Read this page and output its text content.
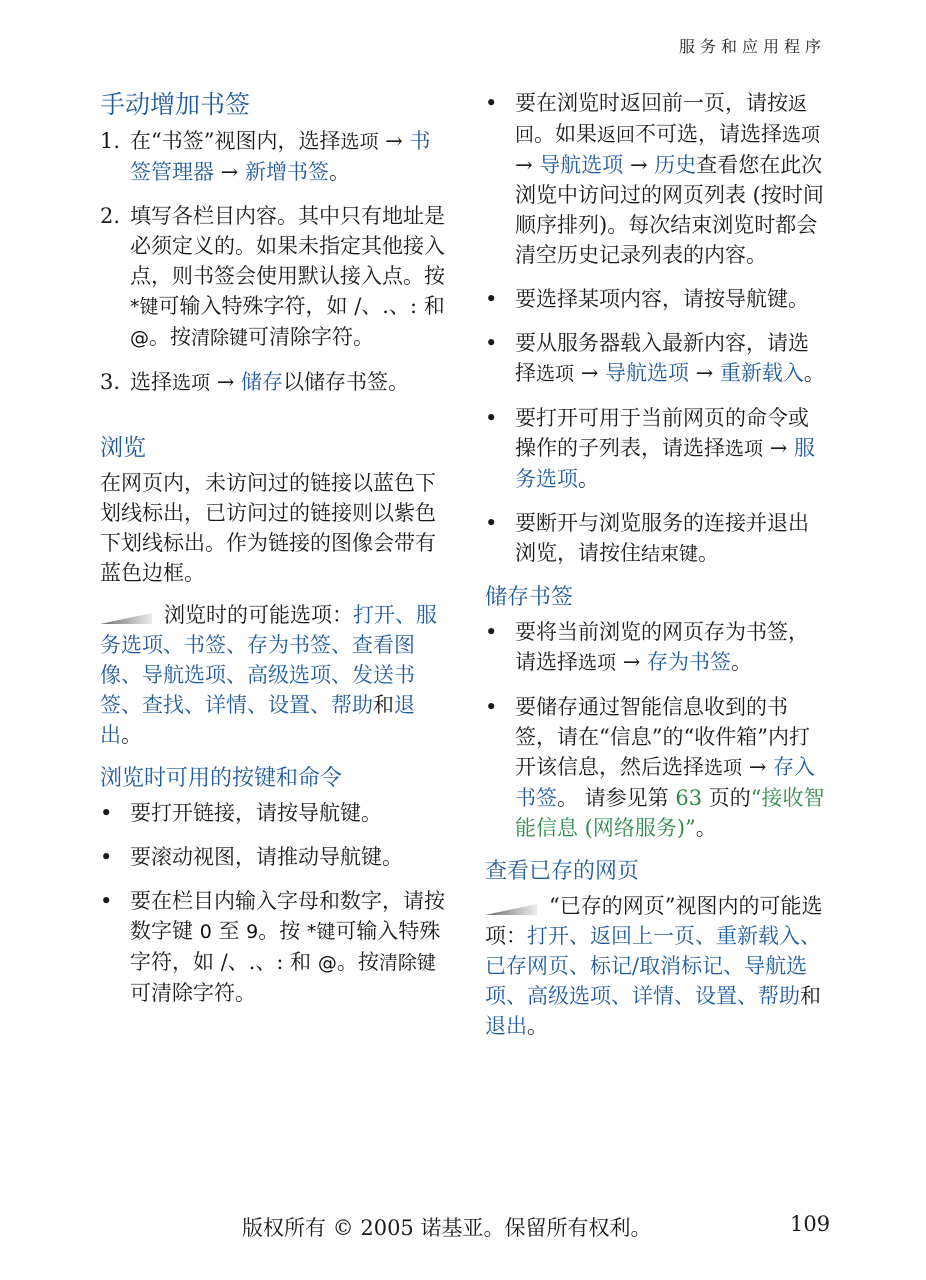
服务和应用程序
手动增加书签
1. 在“书签”视图内，选择选项 → 书签管理器 → 新增书签。
2. 填写各栏目内容。其中只有地址是必须定义的。如果未指定其他接入点，则书签会使用默认接入点。按*键可输入特殊字符，如 /、.、: 和 @。按清除键可清除字符。
3. 选择选项 → 储存以储存书签。
浏览

在网页内，未访问过的链接以蓝色下划线标出，已访问过的链接则以紫色下划线标出。作为链接的图像会带有蓝色边框。

浏览时的可能选项：打开、服务选项、书签、存为书签、查看图像、导航选项、高级选项、发送书签、查找、详情、设置、帮助和退出。

浏览时可用的按键和命令
• 要打开链接，请按导航键。
• 要滚动视图，请推动导航键。
• 要在栏目内输入字母和数字，请按数字键 0 至 9。按 *键可输入特殊字符，如 /、.、: 和 @。按清除键可清除字符。
• 要在浏览时返回前一页，请按返回。如果返回不可选，请选择选项 → 导航选项 → 历史查看您在此次浏览中访问过的网页列表 (按时间顺序排列)。每次结束浏览时都会清空历史记录列表的内容。
• 要选择某项内容，请按导航键。
• 要从服务器载入最新内容，请选择选项 → 导航选项 → 重新载入。
• 要打开可用于当前网页的命令或操作的子列表，请选择选项 → 服务选项。
• 要断开与浏览服务的连接并退出浏览，请按住结束键。
储存书签
• 要将当前浏览的网页存为书签，请选择选项 → 存为书签。
• 要储存通过智能信息收到的书签，请在“信息”的“收件箱”内打开该信息，然后选择选项 → 存入书签。 请参见第 63 页的“接收智能信息 (网络服务)”。
查看已存的网页

“已存的网页”视图内的可能选项：打开、返回上一页、重新载入、已存网页、标记/取消标记、导航选项、高级选项、详情、设置、帮助和退出。

版权所有 © 2005 诺基亚。保留所有权利。	109
